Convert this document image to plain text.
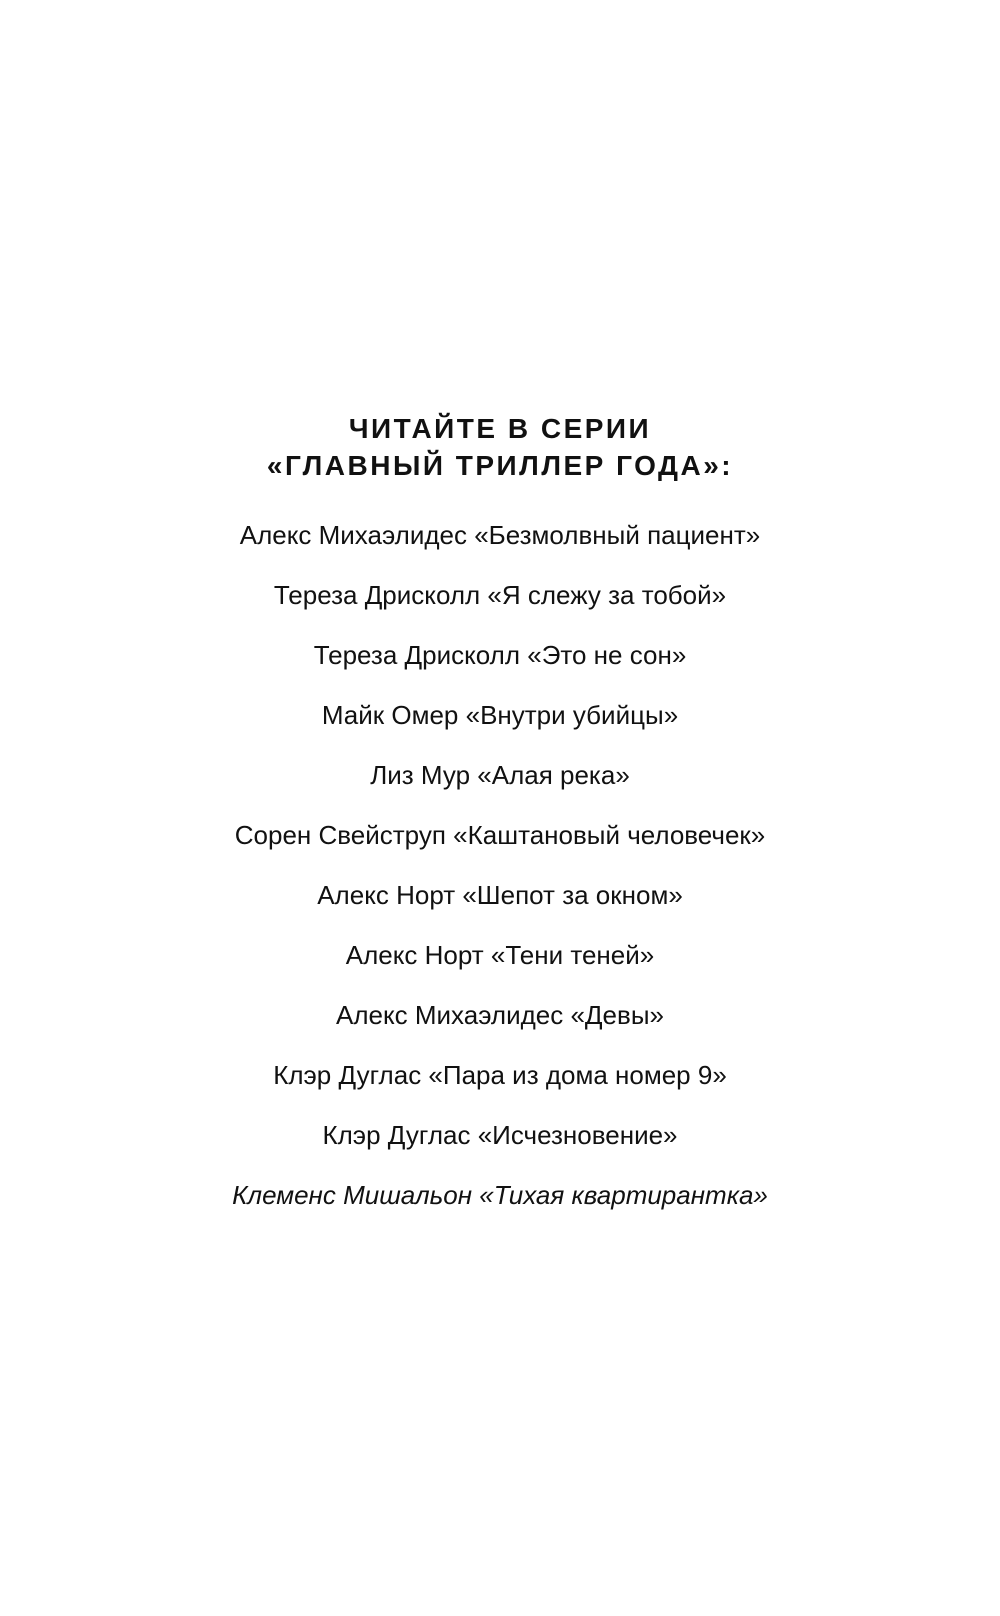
ЧИТАЙТЕ В СЕРИИ
«ГЛАВНЫЙ ТРИЛЛЕР ГОДА»:
Алекс Михаэлидес «Безмолвный пациент»
Тереза Дрисколл «Я слежу за тобой»
Тереза Дрисколл «Это не сон»
Майк Омер «Внутри убийцы»
Лиз Мур «Алая река»
Сорен Свейструп «Каштановый человечек»
Алекс Норт «Шепот за окном»
Алекс Норт «Тени теней»
Алекс Михаэлидес «Девы»
Клэр Дуглас «Пара из дома номер 9»
Клэр Дуглас «Исчезновение»
Клеменс Мишальон «Тихая квартирантка»
